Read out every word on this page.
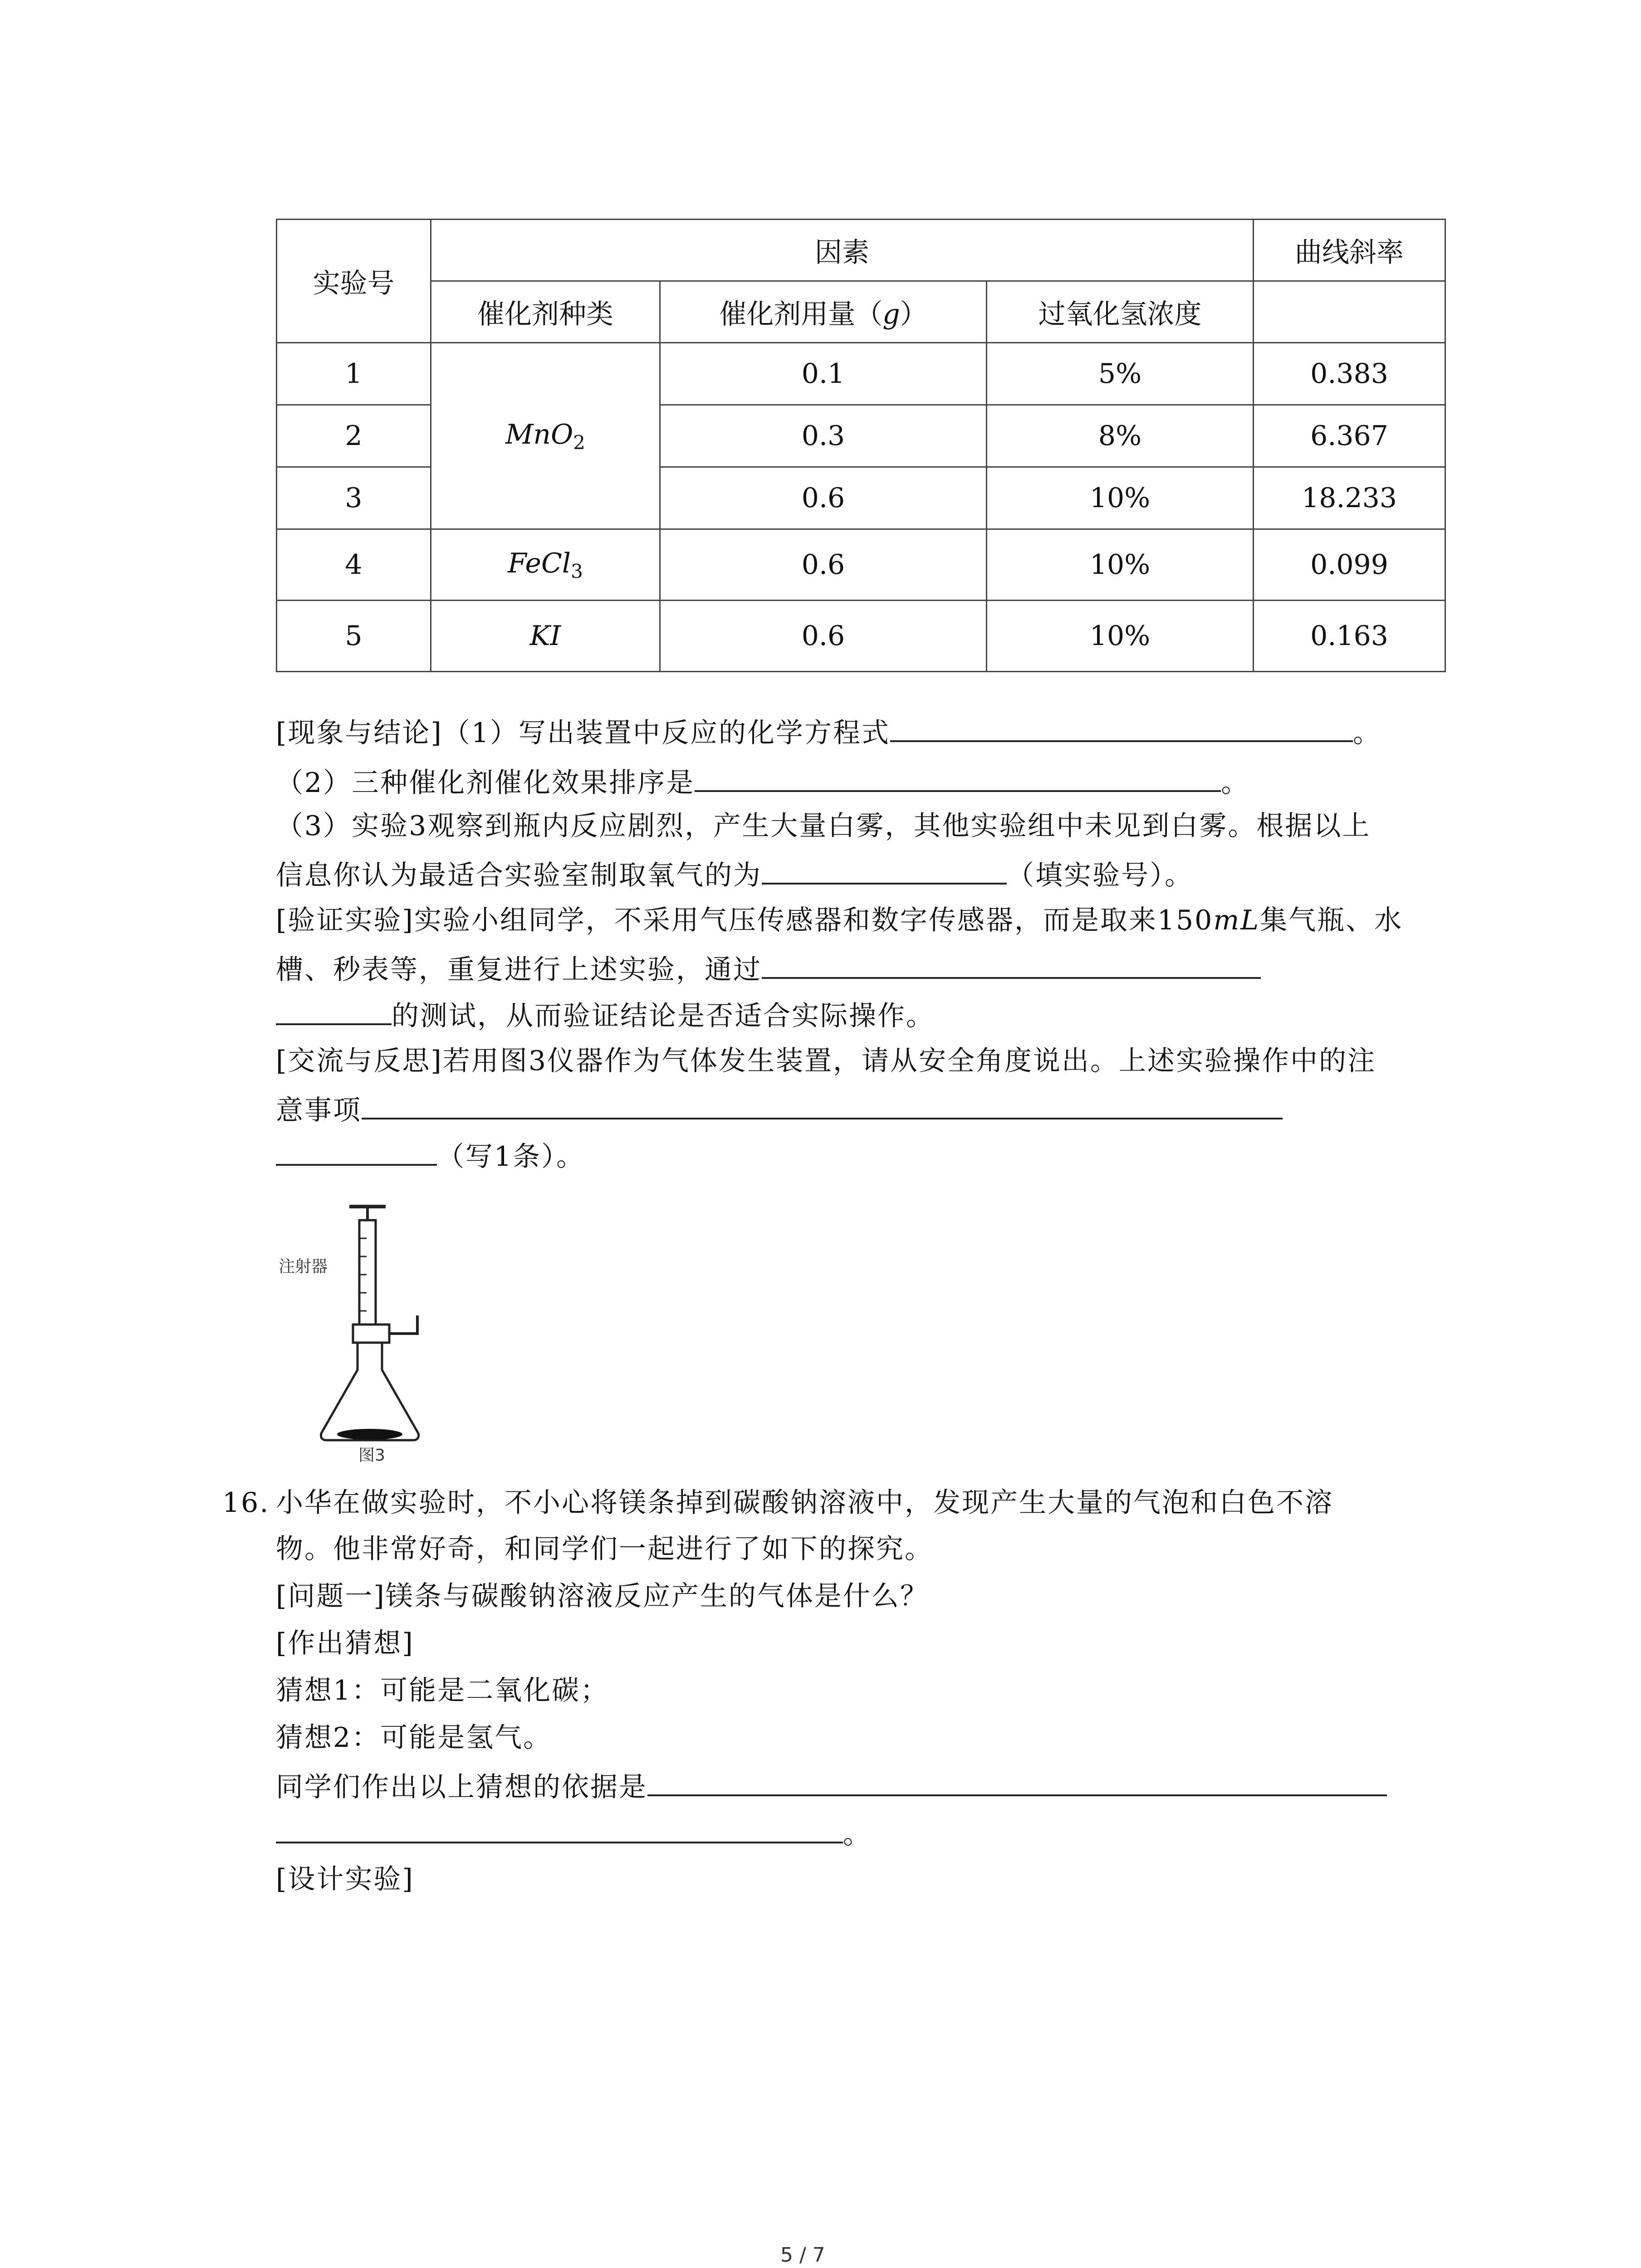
实验号	因素			曲线斜率
	催化剂种类	催化剂用量（g）	过氧化氢浓度	
1	MnO$_2$	0.1	5%	0.383
2		0.3	8%	6.367
3		0.6	10%	18.233
4	FeCl$_3$	0.6	10%	0.099
5	KI	0.6	10%	0.163
[现象与结论]（1）写出装置中反应的化学方程式	。
（2）三种催化剂催化效果排序是	。
（3）实验3观察到瓶内反应剧烈，产生大量白雾，其他实验组中未见到白雾。根据以上
信息你认为最适合实验室制取氧气的为	（填实验号）。
[验证实验]实验小组同学，不采用气压传感器和数字传感器，而是取来150mL集气瓶、水
槽、秒表等，重复进行上述实验，通过
的测试，从而验证结论是否适合实际操作。
[交流与反思]若用图3仪器作为气体发生装置，请从安全角度说出。上述实验操作中的注
意事项
（写1条）。
注射器
图3
16. 小华在做实验时，不小心将镁条掉到碳酸钠溶液中，发现产生大量的气泡和白色不溶
物。他非常好奇，和同学们一起进行了如下的探究。
[问题一]镁条与碳酸钠溶液反应产生的气体是什么？
[作出猜想]
猜想1：可能是二氧化碳；
猜想2：可能是氢气。
同学们作出以上猜想的依据是
。
[设计实验]
5 / 7
